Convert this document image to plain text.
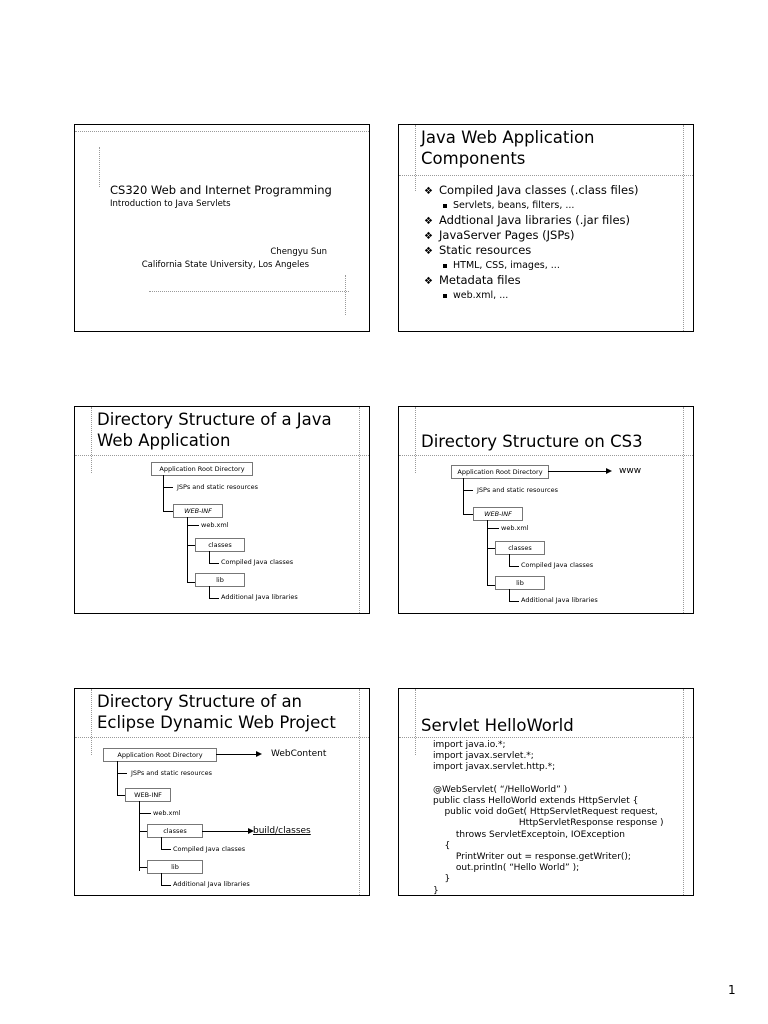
CS320 Web and Internet Programming
Introduction to Java Servlets
Chengyu Sun
California State University, Los Angeles
Java Web Application
Components
❖ Compiled Java classes (.class files)
Servlets, beans, filters, ...
❖ Addtional Java libraries (.jar files)
❖ JavaServer Pages (JSPs)
❖ Static resources
HTML, CSS, images, ...
❖ Metadata files
web.xml, ...
Directory Structure of a Java
Web Application
Application Root Directory
JSPs and static resources
WEB-INF
web.xml
classes
Compiled Java classes
lib
Additional Java libraries
Directory Structure on CS3
Application Root Directory	www
JSPs and static resources
WEB-INF
web.xml
classes
Compiled Java classes
lib
Additional Java libraries
Directory Structure of an
Eclipse Dynamic Web Project
Application Root Directory	WebContent
JSPs and static resources
WEB-INF
web.xml
classes	build/classes
Compiled Java classes
lib
Additional Java libraries
Servlet HelloWorld
import java.io.*;
import javax.servlet.*;
import javax.servlet.http.*;

@WebServlet( “/HelloWorld” )
public class HelloWorld extends HttpServlet {
public void doGet( HttpServletRequest request,
HttpServletResponse response )
throws ServletExceptoin, IOException
{
PrintWriter out = response.getWriter();
out.println( “Hello World” );
}
}
1
